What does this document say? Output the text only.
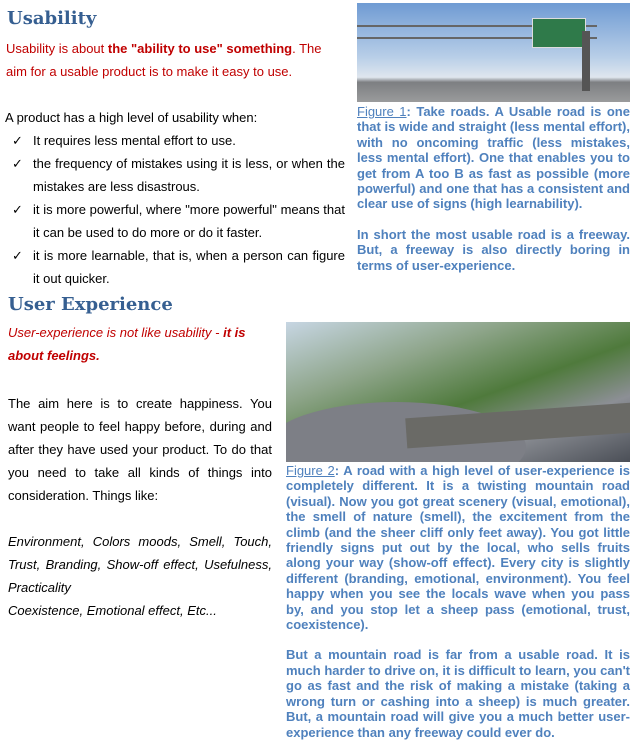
Usability
Usability is about the "ability to use" something. The aim for a usable product is to make it easy to use.
A product has a high level of usability when:
✓ It requires less mental effort to use.
✓ the frequency of mistakes using it is less, or when the mistakes are less disastrous.
✓ it is more powerful, where "more powerful" means that it can be used to do more or do it faster.
✓ it is more learnable, that is, when a person can figure it out quicker.
User Experience
User-experience is not like usability - it is about feelings.
The aim here is to create happiness. You want people to feel happy before, during and after they have used your product. To do that you need to take all kinds of things into consideration. Things like:
Environment, Colors moods, Smell, Touch, Trust, Branding, Show-off effect, Usefulness, Practicality
Coexistence, Emotional effect, Etc...

Figure 1: Take roads. A Usable road is one that is wide and straight (less mental effort), with no oncoming traffic (less mistakes, less mental effort). One that enables you to get from A too B as fast as possible (more powerful) and one that has a consistent and clear use of signs (high learnability).

In short the most usable road is a freeway. But, a freeway is also directly boring in terms of user-experience.

Figure 2: A road with a high level of user-experience is completely different. It is a twisting mountain road (visual). Now you got great scenery (visual, emotional), the smell of nature (smell), the excitement from the climb (and the sheer cliff only feet away). You got little friendly signs put out by the local, who sells fruits along your way (show-off effect). Every city is slightly different (branding, emotional, environment). You feel happy when you see the locals wave when you pass by, and you stop let a sheep pass (emotional, trust, coexistence).

But a mountain road is far from a usable road. It is much harder to drive on, it is difficult to learn, you can't go as fast and the risk of making a mistake (taking a wrong turn or cashing into a sheep) is much greater. But, a mountain road will give you a much better user-experience than any freeway could ever do.
